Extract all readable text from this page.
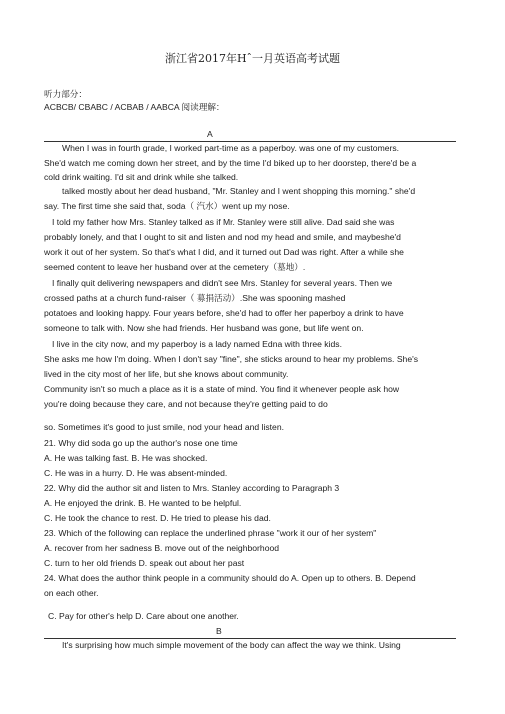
浙江省2017年Hˆ一月英语高考试题
听力部分：
ACBCB/ CBABC / ACBAB / AABCA 阅读理解：
A
When I was in fourth grade, I worked part-time as a paperboy. was one of my customers.
She'd watch me coming down her street, and by the time I'd biked up to her doorstep, there'd be a
cold drink waiting. I'd sit and drink while she talked.
talked mostly about her dead husband, "Mr. Stanley and I went shopping this morning." she'd
say. The first time she said that, soda（ 汽水）went up my nose.
I told my father how Mrs. Stanley talked as if Mr. Stanley were still alive. Dad said she was
probably lonely, and that I ought to sit and listen and nod my head and smile, and maybeshe'd
work it out of her system. So that's what I did, and it turned out Dad was right. After a while she
seemed content to leave her husband over at the cemetery（墓地）.
I finally quit delivering newspapers and didn't see Mrs. Stanley for several years. Then we
crossed paths at a church fund-raiser（ 募捐活动）.She was spooning mashed
potatoes and looking happy. Four years before, she'd had to offer her paperboy a drink to have
someone to talk with. Now she had friends. Her husband was gone, but life went on.
I live in the city now, and my paperboy is a lady named Edna with three kids.
She asks me how I'm doing. When I don't say "fine", she sticks around to hear my problems. She's
lived in the city most of her life, but she knows about community.
Community isn't so much a place as it is a state of mind. You find it whenever people ask how
you're doing because they care, and not because they're getting paid to do
so. Sometimes it's good to just smile, nod your head and listen.
21. Why did soda go up the author's nose one time
A. He was talking fast. B. He was shocked.
C. He was in a hurry. D. He was absent-minded.
22. Why did the author sit and listen to Mrs. Stanley according to Paragraph 3
A. He enjoyed the drink. B. He wanted to be helpful.
C. He took the chance to rest. D. He tried to please his dad.
23. Which of the following can replace the underlined phrase "work it our of her system"
A. recover from her sadness B. move out of the neighborhood
C. turn to her old friends D. speak out about her past
24. What does the author think people in a community should do A. Open up to others. B. Depend
on each other.
C. Pay for other's help D. Care about one another.
B
It's surprising how much simple movement of the body can affect the way we think. Using
